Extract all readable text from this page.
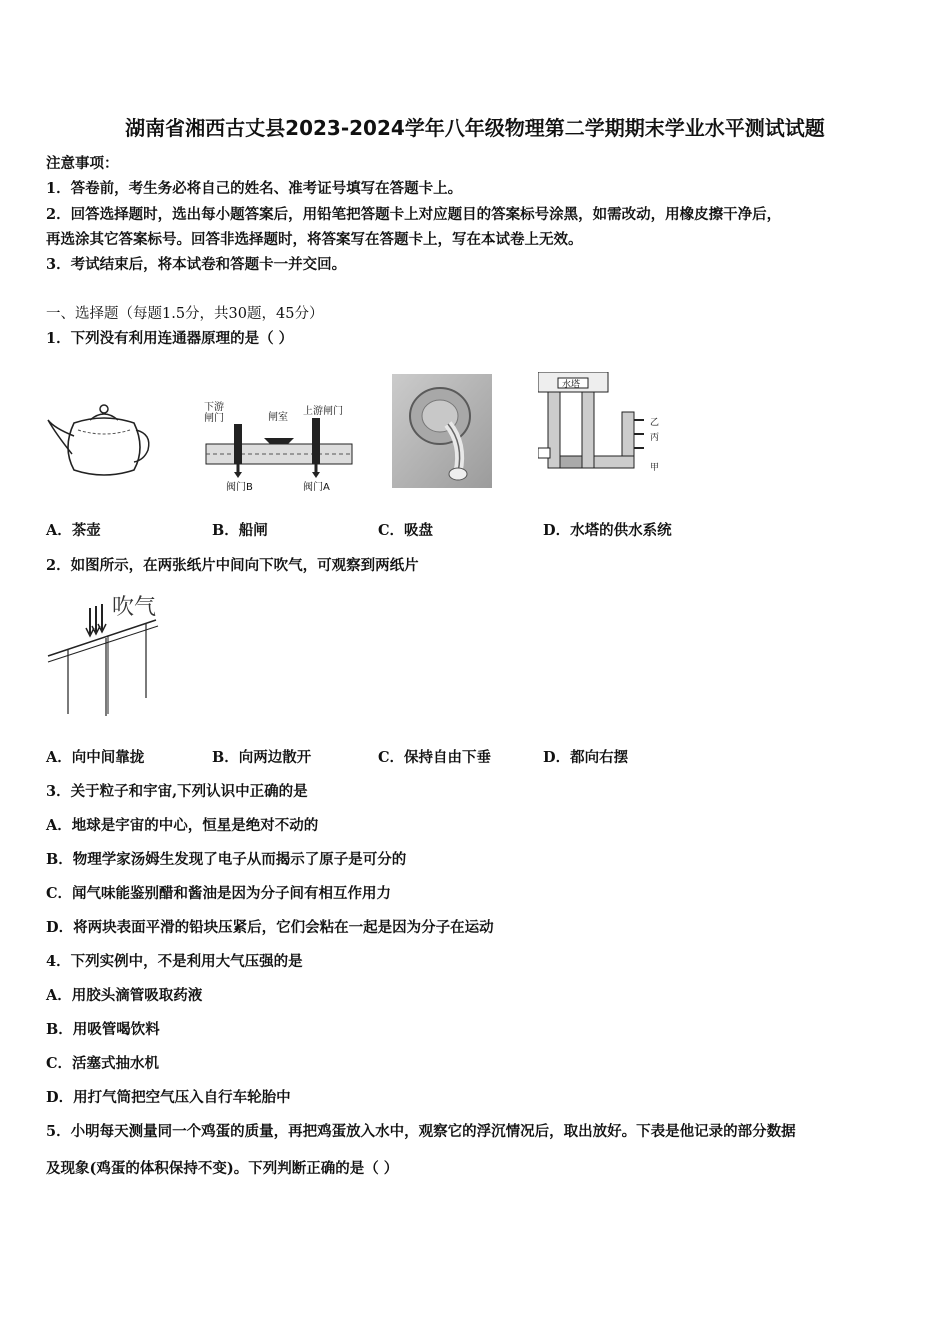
湖南省湘西古丈县2023-2024学年八年级物理第二学期期末学业水平测试试题
注意事项：
1．答卷前，考生务必将自己的姓名、准考证号填写在答题卡上。
2．回答选择题时，选出每小题答案后，用铅笔把答题卡上对应题目的答案标号涂黑，如需改动，用橡皮擦干净后，
再选涂其它答案标号。回答非选择题时，将答案写在答题卡上，写在本试卷上无效。
3．考试结束后，将本试卷和答题卡一并交回。
一、选择题（每题1.5分，共30题，45分）
1．下列没有利用连通器原理的是（ ）
下游闸门	闸室
上游闸门
阀门B	阀门A
水塔
乙
丙
甲
A．茶壶	B．船闸	C．吸盘	D．水塔的供水系统
2．如图所示，在两张纸片中间向下吹气，可观察到两纸片
吹气
A．向中间靠拢	B．向两边散开	C．保持自由下垂	D．都向右摆
3．关于粒子和宇宙,下列认识中正确的是
A．地球是宇宙的中心，恒星是绝对不动的
B．物理学家汤姆生发现了电子从而揭示了原子是可分的
C．闻气味能鉴别醋和酱油是因为分子间有相互作用力
D．将两块表面平滑的铅块压紧后，它们会粘在一起是因为分子在运动
4．下列实例中，不是利用大气压强的是
A．用胶头滴管吸取药液
B．用吸管喝饮料
C．活塞式抽水机
D．用打气筒把空气压入自行车轮胎中
5．小明每天测量同一个鸡蛋的质量，再把鸡蛋放入水中，观察它的浮沉情况后，取出放好。下表是他记录的部分数据
及现象(鸡蛋的体积保持不变)。下列判断正确的是（ ）
